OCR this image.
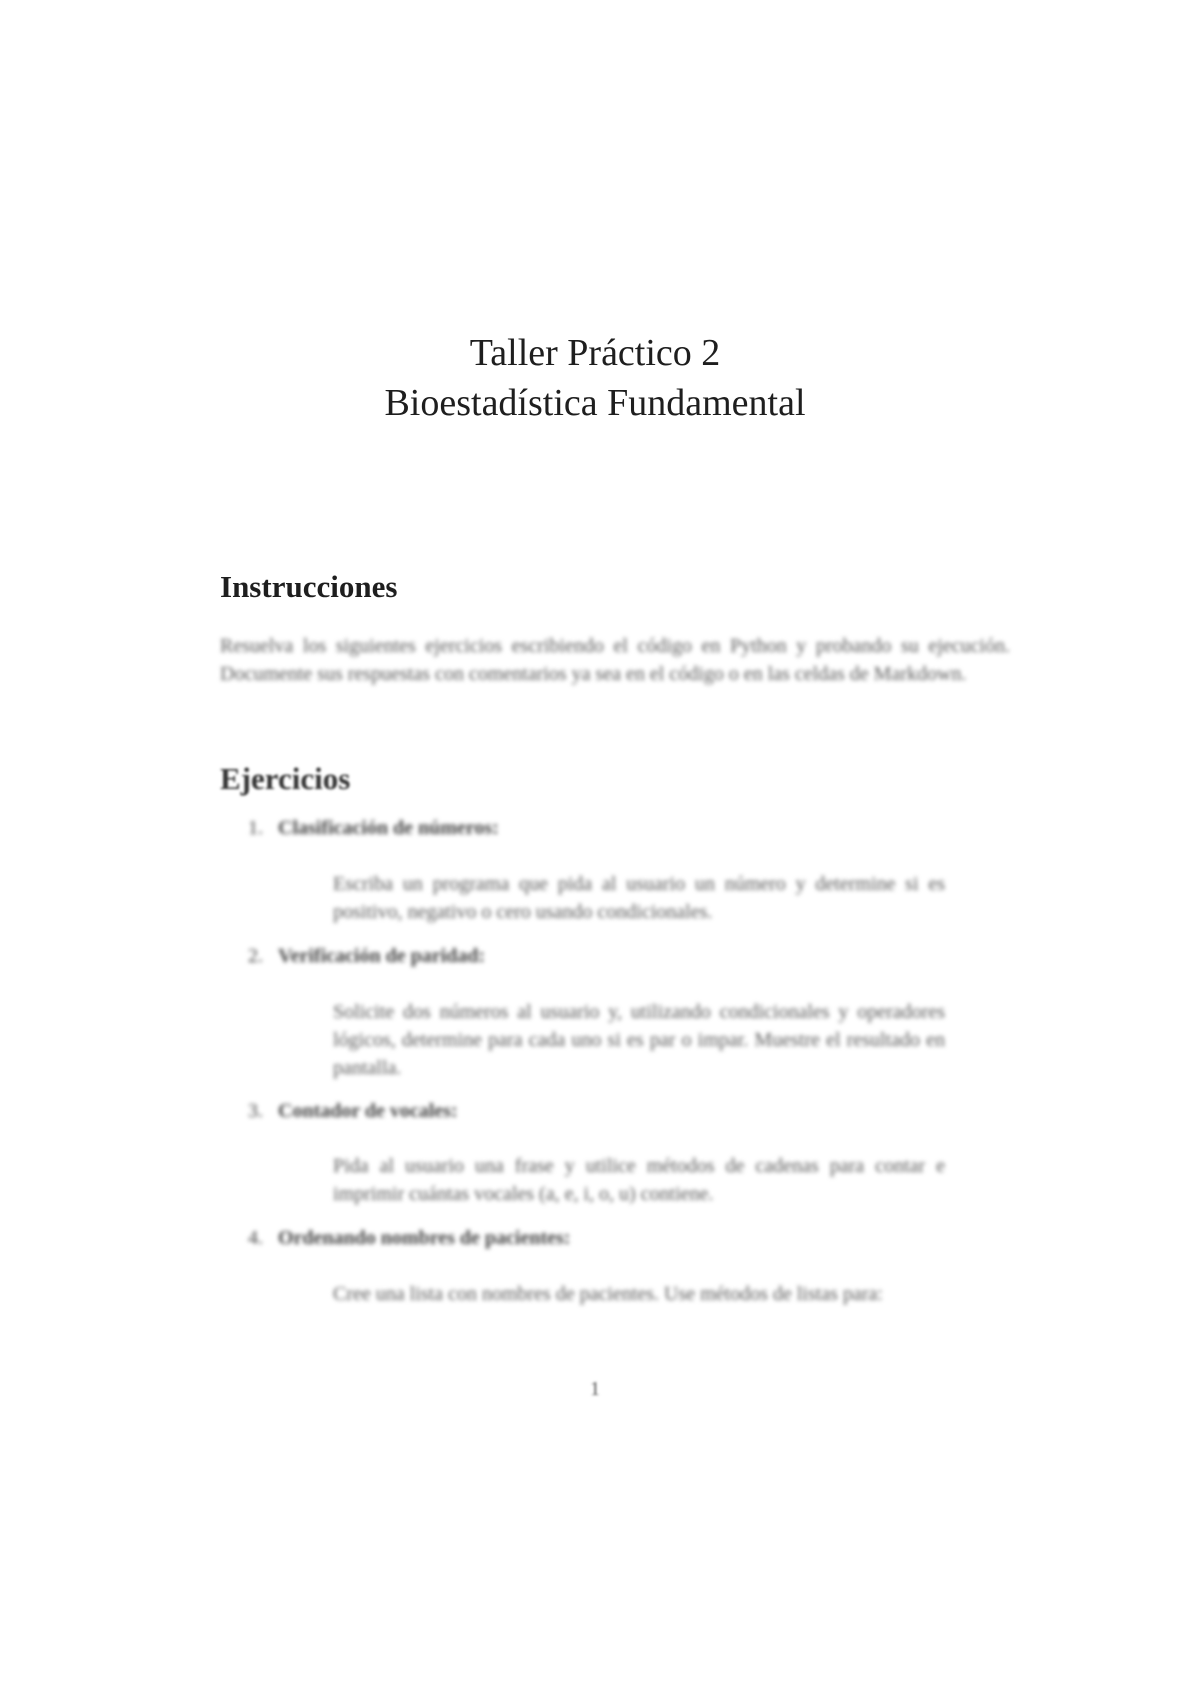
Taller Práctico 2
Bioestadística Fundamental
Instrucciones
Resuelva los siguientes ejercicios escribiendo el código en Python y probando su ejecución. Documente sus respuestas con comentarios ya sea en el código o en las celdas de Markdown.
Ejercicios
1. Clasificación de números:
Escriba un programa que pida al usuario un número y determine si es positivo, negativo o cero usando condicionales.
2. Verificación de paridad:
Solicite dos números al usuario y, utilizando condicionales y operadores lógicos, determine para cada uno si es par o impar. Muestre el resultado en pantalla.
3. Contador de vocales:
Pida al usuario una frase y utilice métodos de cadenas para contar e imprimir cuántas vocales (a, e, i, o, u) contiene.
4. Ordenando nombres de pacientes:
Cree una lista con nombres de pacientes. Use métodos de listas para:
1
